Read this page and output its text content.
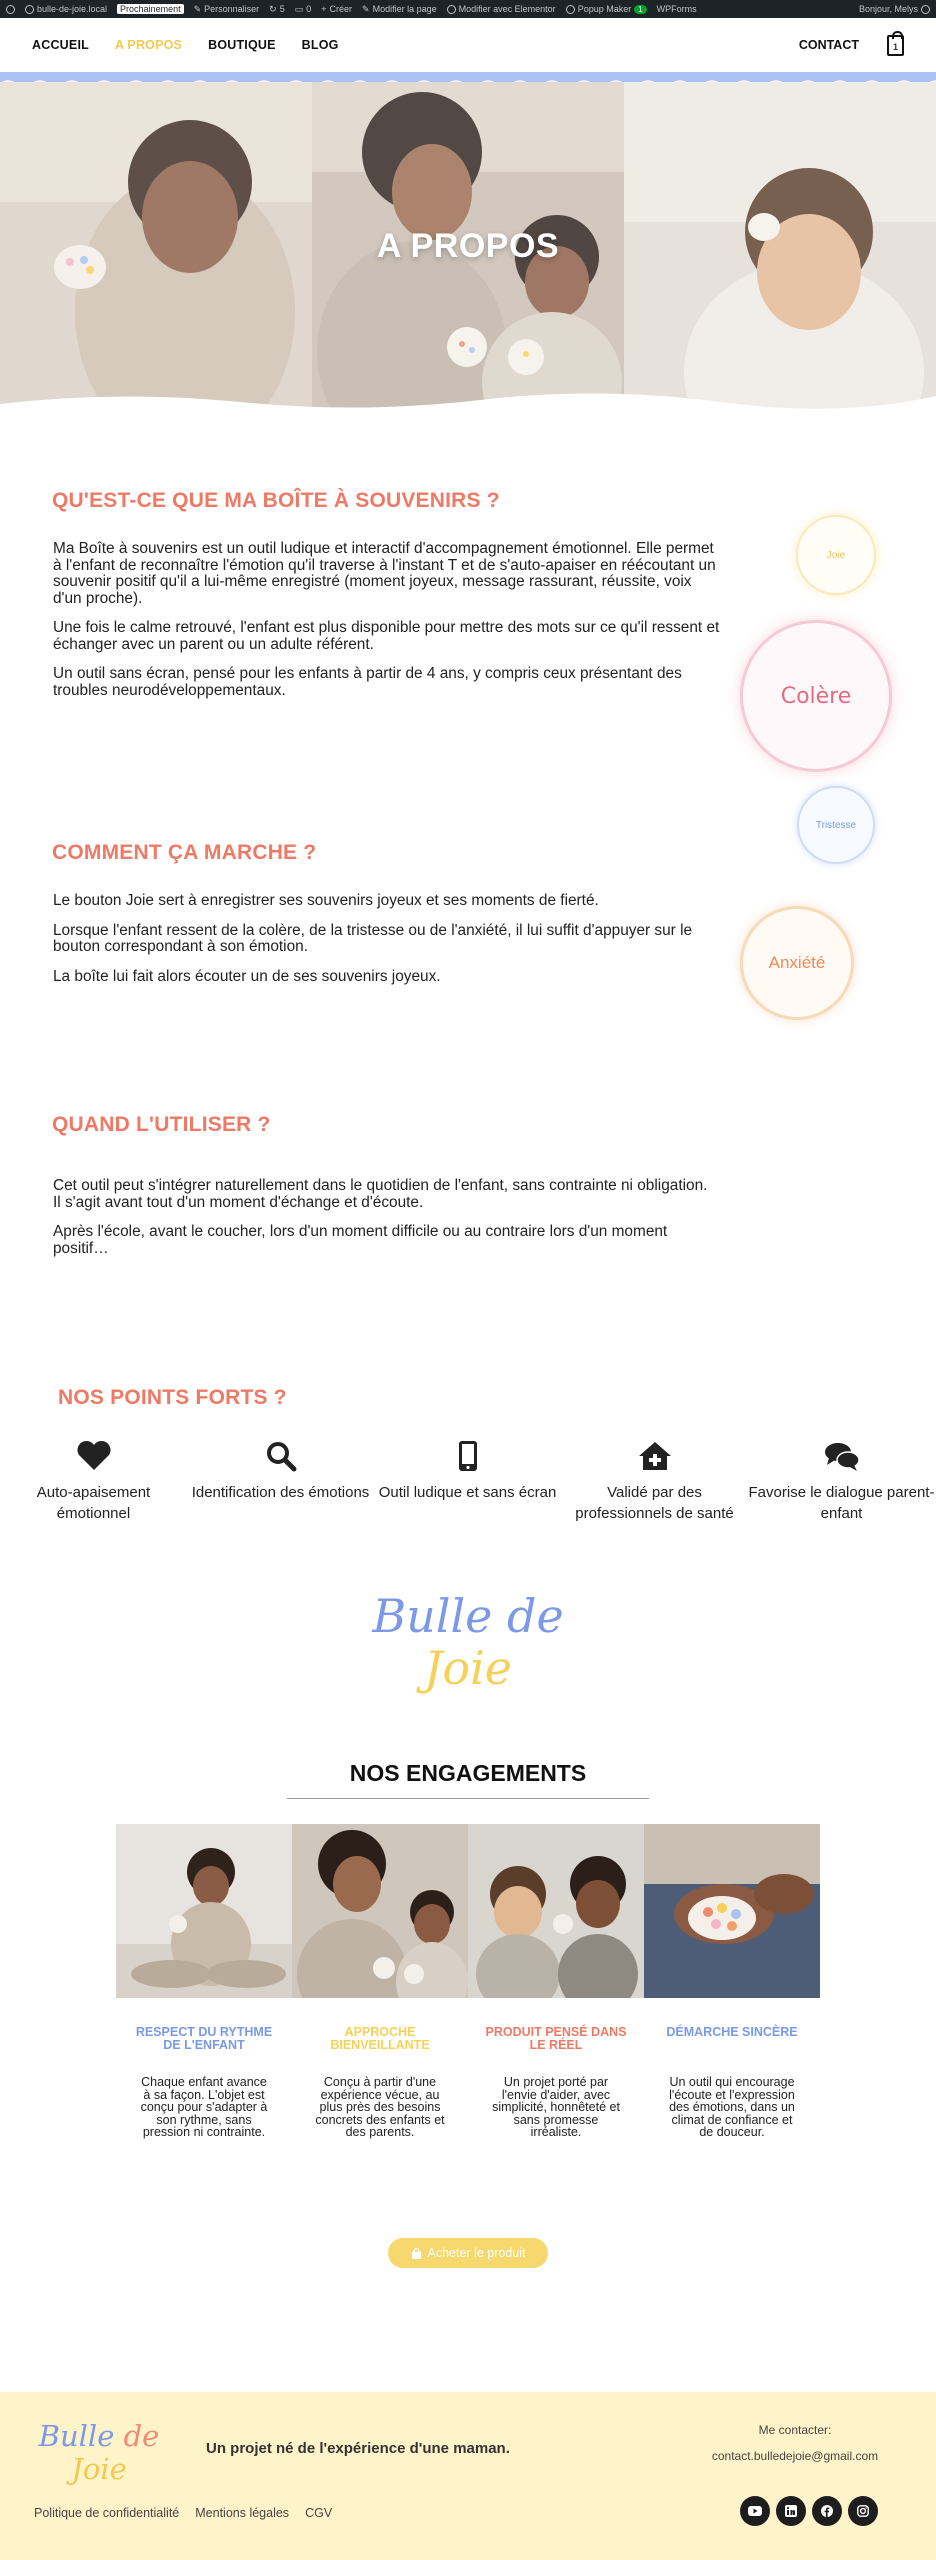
bulle-de-joie.local	Prochainement	✎ Personnaliser ↻ 5 ▭ 0 + Créer ✎ Modifier la page Modifier avec Elementor Popup Maker 1	WPForms	Bonjour, Melys
ACCUEIL A PROPOS BOUTIQUE BLOG	CONTACT	1
A PROPOS
QU'EST-CE QUE MA BOÎTE À SOUVENIRS ?

Ma Boîte à souvenirs est un outil ludique et interactif d'accompagnement émotionnel. Elle permet à l'enfant de reconnaître l'émotion qu'il traverse à l'instant T et de s'auto-apaiser en réécoutant un souvenir positif qu'il a lui-même enregistré (moment joyeux, message rassurant, réussite, voix d'un proche).

Une fois le calme retrouvé, l'enfant est plus disponible pour mettre des mots sur ce qu'il ressent et échanger avec un parent ou un adulte référent.

Un outil sans écran, pensé pour les enfants à partir de 4 ans, y compris ceux présentant des troubles neurodéveloppementaux.

Joie
Colère
Tristesse
Anxiété
COMMENT ÇA MARCHE ?

Le bouton Joie sert à enregistrer ses souvenirs joyeux et ses moments de fierté.

Lorsque l'enfant ressent de la colère, de la tristesse ou de l'anxiété, il lui suffit d'appuyer sur le bouton correspondant à son émotion.

La boîte lui fait alors écouter un de ses souvenirs joyeux.

QUAND L'UTILISER ?

Cet outil peut s'intégrer naturellement dans le quotidien de l'enfant, sans contrainte ni obligation.

Il s'agit avant tout d'un moment d'échange et d'écoute.

Après l'école, avant le coucher, lors d'un moment difficile ou au contraire lors d'un moment positif…

NOS POINTS FORTS ?
Auto-apaisement émotionnel
Identification des émotions Outil ludique et sans écran	Validé par des professionnels de santé
Favorise le dialogue parent-enfant
Bulle de
Joie
NOS ENGAGEMENTS
RESPECT DU RYTHME DE L'ENFANT
Chaque enfant avance à sa façon. L'objet est conçu pour s'adapter à son rythme, sans pression ni contrainte.
APPROCHE BIENVEILLANTE
Conçu à partir d'une expérience vécue, au plus près des besoins concrets des enfants et des parents.
PRODUIT PENSÉ DANS LE RÉEL
Un projet porté par l'envie d'aider, avec simplicité, honnêteté et sans promesse irréaliste.
DÉMARCHE SINCÈRE
Un outil qui encourage l'écoute et l'expression des émotions, dans un climat de confiance et de douceur.
Acheter le produit
Bulle de
Joie
Un projet né de l'expérience d'une maman.
Me contacter:
contact.bulledejoie@gmail.com
Politique de confidentialité Mentions légales CGV
